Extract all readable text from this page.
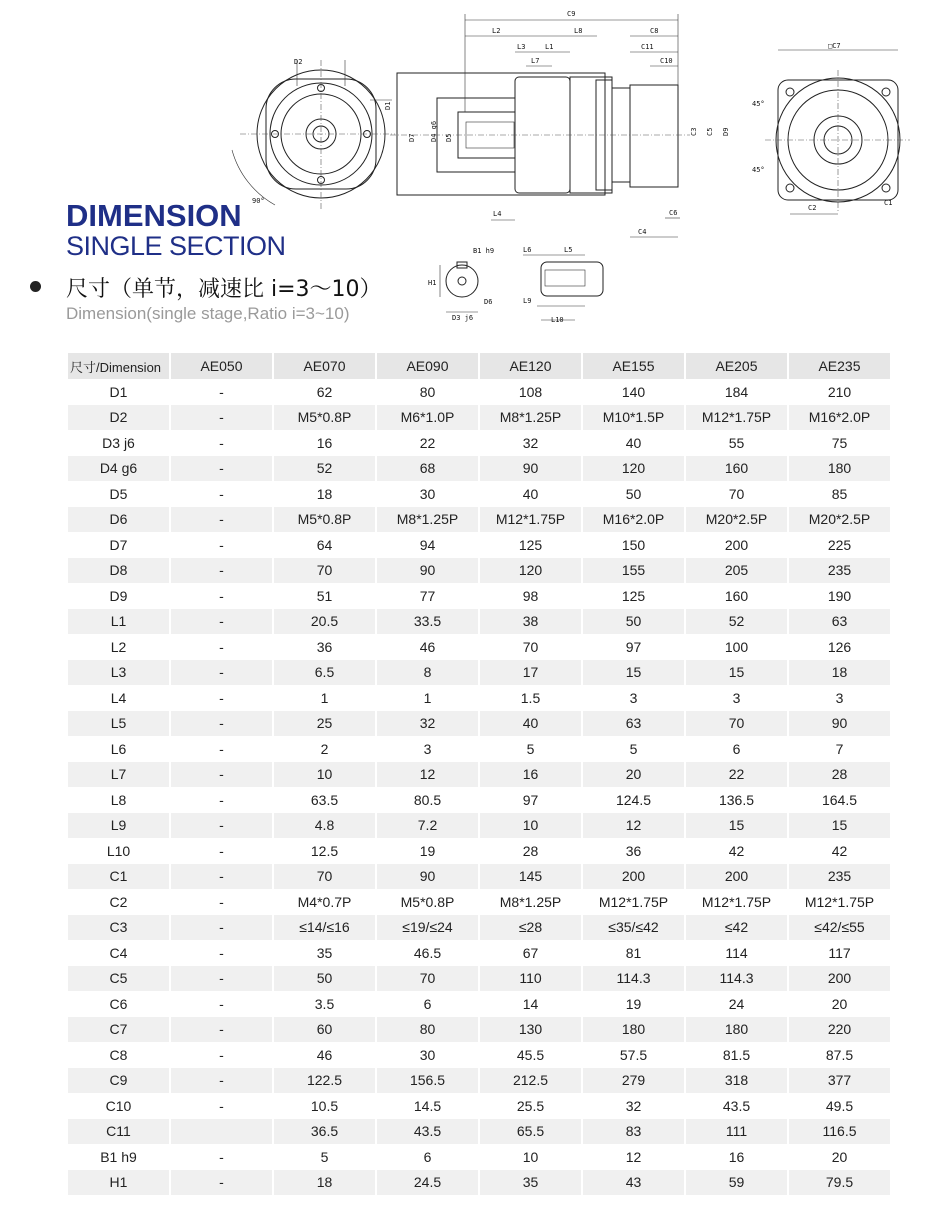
D2
D1
90°
C9
L2	L8	C8
L3	L1	C11
L7	C10
D7 D4 g6 D5
C3 C5 D9
L4	C6
C4
□C7
45°
45°
C2
C1
B1 h9
H1
D6
D3 j6
L6	L5
L9
L10
DIMENSION
SINGLE SECTION
尺寸（单节，减速比 i=3～10）
Dimension(single stage,Ratio i=3~10)
尺寸/Dimension	AE050	AE070	AE090	AE120	AE155	AE205	AE235
D1	-	62	80	108	140	184	210
D2	-	M5*0.8P	M6*1.0P	M8*1.25P	M10*1.5P	M12*1.75P	M16*2.0P
D3 j6	-	16	22	32	40	55	75
D4 g6	-	52	68	90	120	160	180
D5	-	18	30	40	50	70	85
D6	-	M5*0.8P	M8*1.25P	M12*1.75P	M16*2.0P	M20*2.5P	M20*2.5P
D7	-	64	94	125	150	200	225
D8	-	70	90	120	155	205	235
D9	-	51	77	98	125	160	190
L1	-	20.5	33.5	38	50	52	63
L2	-	36	46	70	97	100	126
L3	-	6.5	8	17	15	15	18
L4	-	1	1	1.5	3	3	3
L5	-	25	32	40	63	70	90
L6	-	2	3	5	5	6	7
L7	-	10	12	16	20	22	28
L8	-	63.5	80.5	97	124.5	136.5	164.5
L9	-	4.8	7.2	10	12	15	15
L10	-	12.5	19	28	36	42	42
C1	-	70	90	145	200	200	235
C2	-	M4*0.7P	M5*0.8P	M8*1.25P	M12*1.75P	M12*1.75P	M12*1.75P
C3	-	≤14/≤16	≤19/≤24	≤28	≤35/≤42	≤42	≤42/≤55
C4	-	35	46.5	67	81	114	117
C5	-	50	70	110	114.3	114.3	200
C6	-	3.5	6	14	19	24	20
C7	-	60	80	130	180	180	220
C8	-	46	30	45.5	57.5	81.5	87.5
C9	-	122.5	156.5	212.5	279	318	377
C10	-	10.5	14.5	25.5	32	43.5	49.5
C11		36.5	43.5	65.5	83	111	116.5
B1 h9	-	5	6	10	12	16	20
H1	-	18	24.5	35	43	59	79.5
